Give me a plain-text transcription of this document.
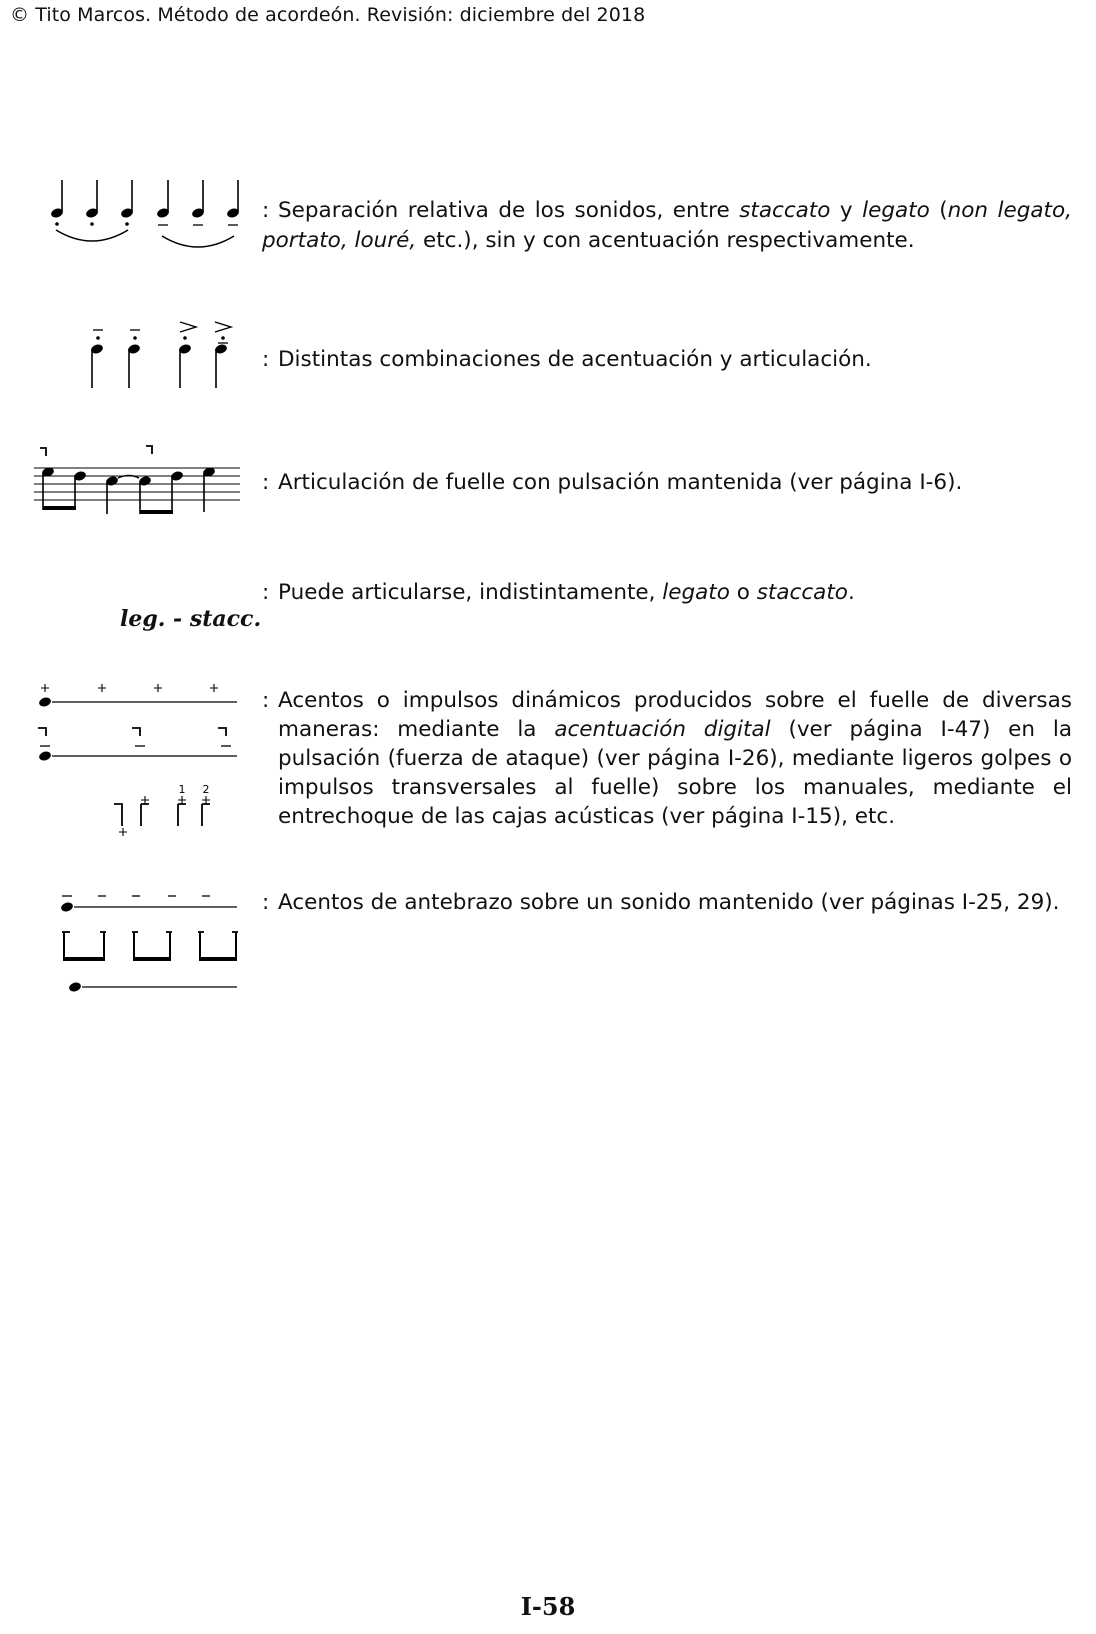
© Tito Marcos. Método de acordeón. Revisión: diciembre del 2018
: Separación relativa de los sonidos, entre staccato y legato (non legato, portato, louré, etc.), sin y con acentuación respectivamente.
: Distintas combinaciones de acentuación y articulación.
: Articulación de fuelle con pulsación mantenida (ver página I-6).
leg. - stacc.
: Puede articularse, indistintamente, legato o staccato.
1 2
: Acentos o impulsos dinámicos producidos sobre el fuelle de diversas maneras: mediante la acentuación digital (ver página I-47) en la pulsación (fuerza de ataque) (ver página I-26), mediante ligeros golpes o impulsos transversales al fuelle) sobre los manuales, mediante el entrechoque de las cajas acústicas (ver página I-15), etc.
: Acentos de antebrazo sobre un sonido mantenido (ver páginas I-25, 29).
I-58
